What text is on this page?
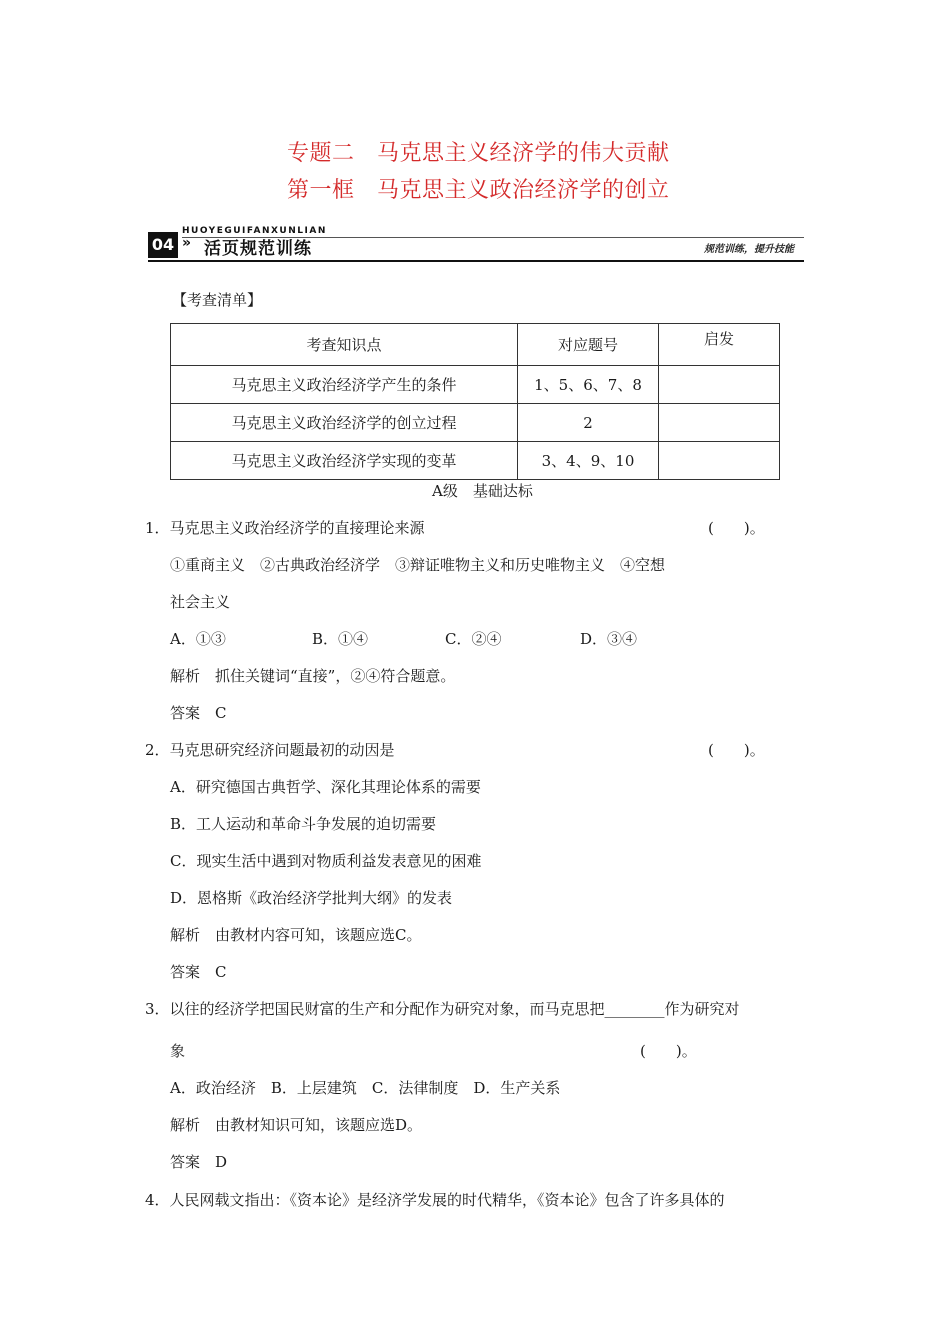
专题二　马克思主义经济学的伟大贡献
第一框　马克思主义政治经济学的创立
HUOYEGUIFANXUNLIAN
04 » 活页规范训练	规范训练，提升技能
【考查清单】
考查知识点	对应题号	启发
马克思主义政治经济学产生的条件	1、5、6、7、8	
马克思主义政治经济学的创立过程	2	
马克思主义政治经济学实现的变革	3、4、9、10	
A级　基础达标
1．马克思主义政治经济学的直接理论来源	(　　)。
①重商主义　②古典政治经济学　③辩证唯物主义和历史唯物主义　④空想
社会主义
A．①③	B．①④	C．②④	D．③④
解析　抓住关键词“直接”，②④符合题意。
答案　C
2．马克思研究经济问题最初的动因是	(　　)。
A．研究德国古典哲学、深化其理论体系的需要
B．工人运动和革命斗争发展的迫切需要
C．现实生活中遇到对物质利益发表意见的困难
D．恩格斯《政治经济学批判大纲》的发表
解析　由教材内容可知，该题应选C。
答案　C
3．以往的经济学把国民财富的生产和分配作为研究对象，而马克思把________作为研究对
象	(　　)。
A．政治经济　B．上层建筑　C．法律制度　D．生产关系
解析　由教材知识可知，该题应选D。
答案　D
4．人民网载文指出：《资本论》是经济学发展的时代精华，《资本论》包含了许多具体的
